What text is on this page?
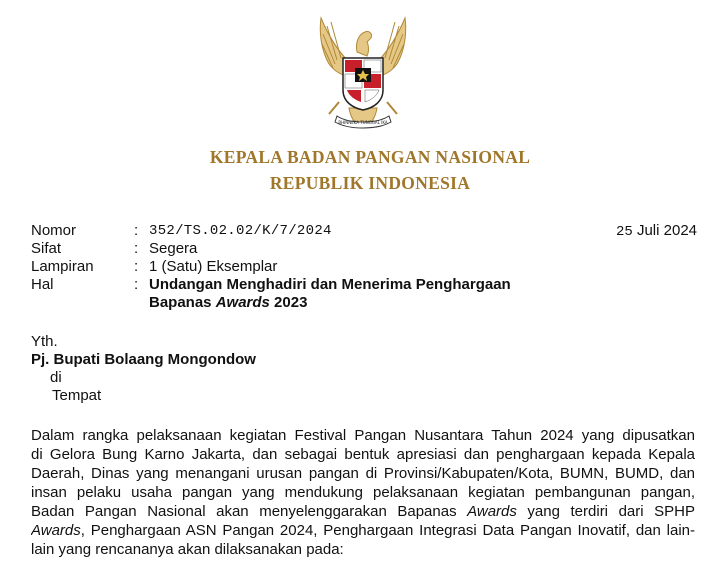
BHINNEKA TUNGGAL IKA
KEPALA BADAN PANGAN NASIONAL
REPUBLIK INDONESIA
Nomor	: 352/TS.02.02/K/7/2024
Sifat	: Segera
Lampiran	: 1 (Satu) Eksemplar
Hal	: Undangan Menghadiri dan Menerima Penghargaan
Bapanas Awards 2023
25 Juli 2024
Yth.
Pj. Bupati Bolaang Mongondow
di
Tempat
Dalam rangka pelaksanaan kegiatan Festival Pangan Nusantara Tahun 2024 yang dipusatkan
di Gelora Bung Karno Jakarta, dan sebagai bentuk apresiasi dan penghargaan kepada Kepala
Daerah, Dinas yang menangani urusan pangan di Provinsi/Kabupaten/Kota, BUMN, BUMD, dan
insan pelaku usaha pangan yang mendukung pelaksanaan kegiatan pembangunan pangan,
Badan Pangan Nasional akan menyelenggarakan Bapanas Awards yang terdiri dari SPHP
Awards, Penghargaan ASN Pangan 2024, Penghargaan Integrasi Data Pangan Inovatif, dan lain-
lain yang rencananya akan dilaksanakan pada:
